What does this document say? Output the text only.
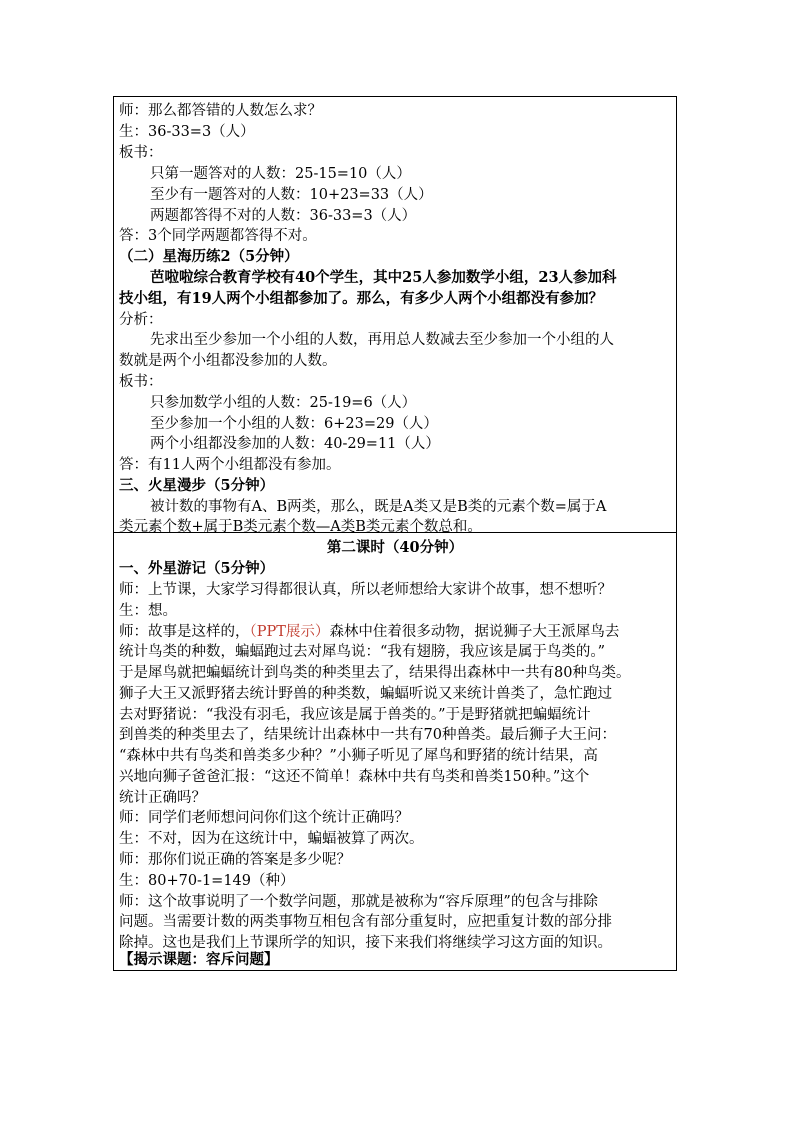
师：那么都答错的人数怎么求？
生：36-33=3（人）
板书：
只第一题答对的人数：25-15=10（人）
至少有一题答对的人数：10+23=33（人）
两题都答得不对的人数：36-33=3（人）
答：3个同学两题都答得不对。
（二）星海历练2（5分钟）
芭啦啦综合教育学校有40个学生，其中25人参加数学小组，23人参加科
技小组，有19人两个小组都参加了。那么，有多少人两个小组都没有参加？
分析：
先求出至少参加一个小组的人数，再用总人数减去至少参加一个小组的人
数就是两个小组都没参加的人数。
板书：
只参加数学小组的人数：25-19=6（人）
至少参加一个小组的人数：6+23=29（人）
两个小组都没参加的人数：40-29=11（人）
答：有11人两个小组都没有参加。
三、火星漫步（5分钟）
被计数的事物有A、B两类，那么，既是A类又是B类的元素个数=属于A
类元素个数+属于B类元素个数—A类B类元素个数总和。
第二课时（40分钟）
一、外星游记（5分钟）
师：上节课，大家学习得都很认真，所以老师想给大家讲个故事，想不想听？
生：想。
师：故事是这样的，（PPT展示）森林中住着很多动物，据说狮子大王派犀鸟去
统计鸟类的种数，蝙蝠跑过去对犀鸟说：“我有翅膀，我应该是属于鸟类的。”
于是犀鸟就把蝙蝠统计到鸟类的种类里去了，结果得出森林中一共有80种鸟类。
狮子大王又派野猪去统计野兽的种类数，蝙蝠听说又来统计兽类了，急忙跑过
去对野猪说：“我没有羽毛，我应该是属于兽类的。”于是野猪就把蝙蝠统计
到兽类的种类里去了，结果统计出森林中一共有70种兽类。最后狮子大王问：
“森林中共有鸟类和兽类多少种？”小狮子听见了犀鸟和野猪的统计结果，高
兴地向狮子爸爸汇报：“这还不简单！森林中共有鸟类和兽类150种。”这个
统计正确吗？
师：同学们老师想问问你们这个统计正确吗？
生：不对，因为在这统计中，蝙蝠被算了两次。
师：那你们说正确的答案是多少呢？
生：80+70-1=149（种）
师：这个故事说明了一个数学问题，那就是被称为“容斥原理”的包含与排除
问题。当需要计数的两类事物互相包含有部分重复时，应把重复计数的部分排
除掉。这也是我们上节课所学的知识，接下来我们将继续学习这方面的知识。
【揭示课题：容斥问题】
